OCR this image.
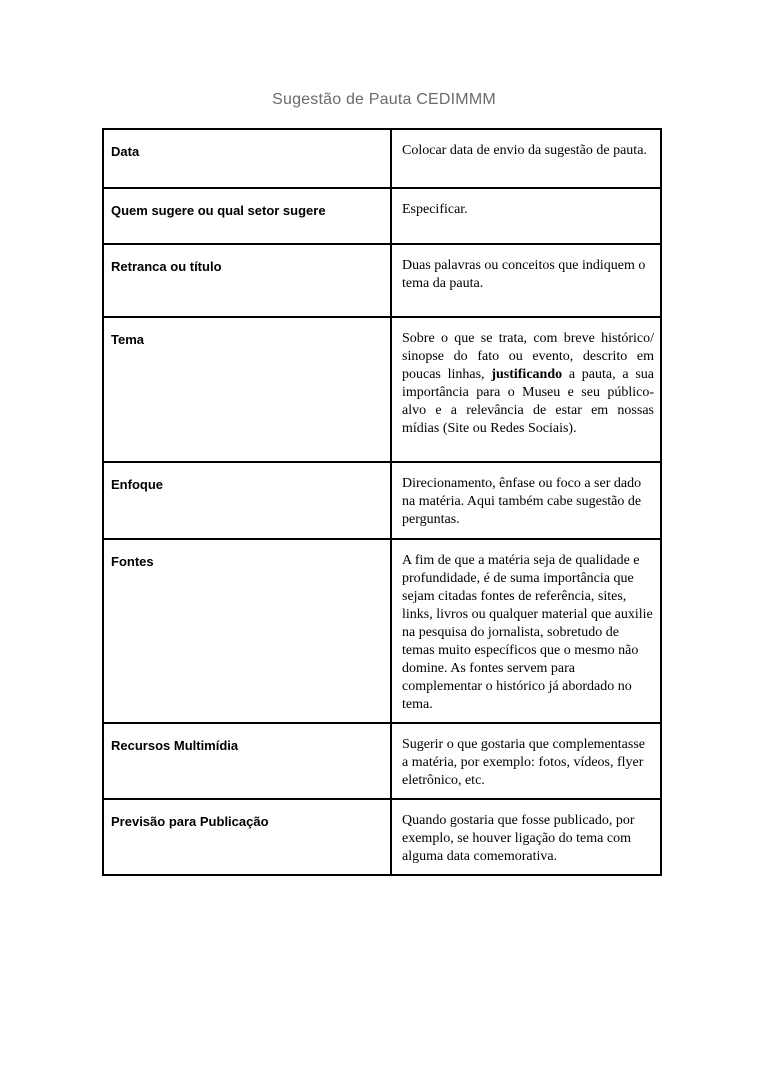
Sugestão de Pauta CEDIMMM
Data	Colocar data de envio da sugestão de pauta.
Quem sugere ou qual setor sugere	Especificar.
Retranca ou título	Duas palavras ou conceitos que indiquem o tema da pauta.
Tema	Sobre o que se trata, com breve histórico/ sinopse do fato ou evento, descrito em poucas linhas, justificando a pauta, a sua importância para o Museu e seu público-alvo e a relevância de estar em nossas mídias (Site ou Redes Sociais).
Enfoque	Direcionamento, ênfase ou foco a ser dado na matéria. Aqui também cabe sugestão de perguntas.
Fontes	A fim de que a matéria seja de qualidade e profundidade, é de suma importância que sejam citadas fontes de referência, sites, links, livros ou qualquer material que auxilie na pesquisa do jornalista, sobretudo de temas muito específicos que o mesmo não domine. As fontes servem para complementar o histórico já abordado no tema.
Recursos Multimídia	Sugerir o que gostaria que complementasse a matéria, por exemplo: fotos, vídeos, flyer eletrônico, etc.
Previsão para Publicação	Quando gostaria que fosse publicado, por exemplo, se houver ligação do tema com alguma data comemorativa.
